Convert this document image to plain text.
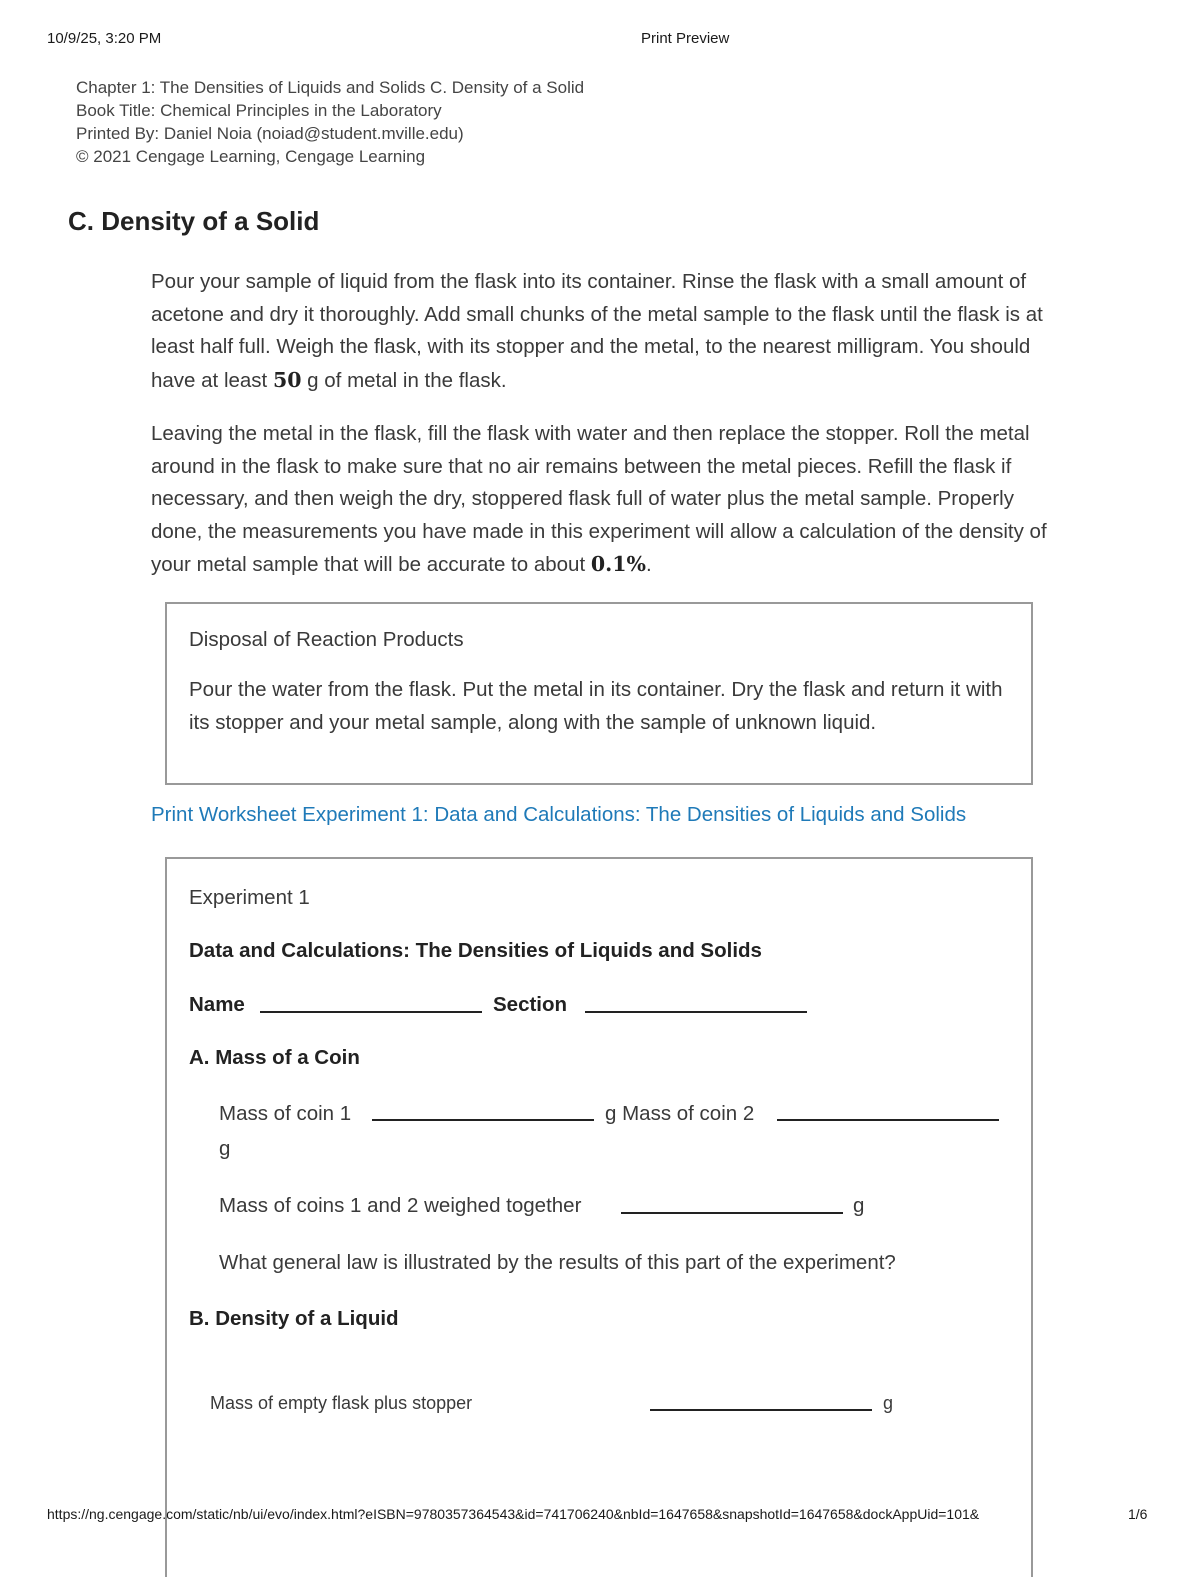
10/9/25, 3:20 PM	Print Preview
Chapter 1: The Densities of Liquids and Solids C. Density of a Solid
Book Title: Chemical Principles in the Laboratory
Printed By: Daniel Noia (noiad@student.mville.edu)
© 2021 Cengage Learning, Cengage Learning
C. Density of a Solid

Pour your sample of liquid from the flask into its container. Rinse the flask with a small amount of acetone and dry it thoroughly. Add small chunks of the metal sample to the flask until the flask is at least half full. Weigh the flask, with its stopper and the metal, to the nearest milligram. You should have at least 50 g of metal in the flask.

Leaving the metal in the flask, fill the flask with water and then replace the stopper. Roll the metal around in the flask to make sure that no air remains between the metal pieces. Refill the flask if necessary, and then weigh the dry, stoppered flask full of water plus the metal sample. Properly done, the measurements you have made in this experiment will allow a calculation of the density of your metal sample that will be accurate to about 0.1%.

Disposal of Reaction Products

Pour the water from the flask. Put the metal in its container. Dry the flask and return it with its stopper and your metal sample, along with the sample of unknown liquid.

Print Worksheet Experiment 1: Data and Calculations: The Densities of Liquids and Solids
Experiment 1
Data and Calculations: The Densities of Liquids and Solids
Name	Section
A. Mass of a Coin
Mass of coin 1	g Mass of coin 2
g
Mass of coins 1 and 2 weighed together	g
What general law is illustrated by the results of this part of the experiment?
B. Density of a Liquid
Mass of empty flask plus stopper	g
https://ng.cengage.com/static/nb/ui/evo/index.html?eISBN=9780357364543&id=741706240&nbId=1647658&snapshotId=1647658&dockAppUid=101&	1/6
